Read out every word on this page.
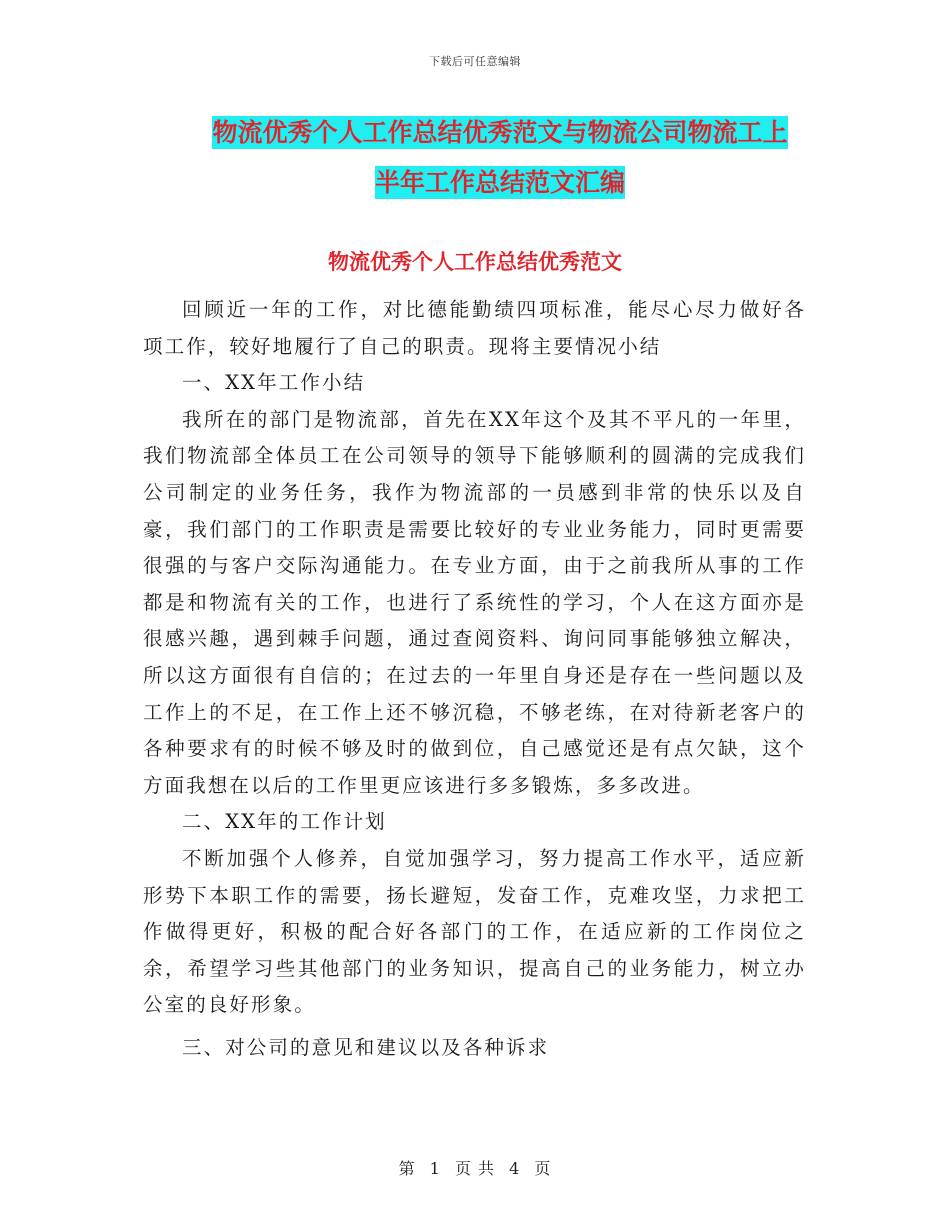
下载后可任意编辑
物流优秀个人工作总结优秀范文与物流公司物流工上
半年工作总结范文汇编
物流优秀个人工作总结优秀范文

回顾近一年的工作，对比德能勤绩四项标准，能尽心尽力做好各项工作，较好地履行了自己的职责。现将主要情况小结

一、XX年工作小结

我所在的部门是物流部，首先在XX年这个及其不平凡的一年里，我们物流部全体员工在公司领导的领导下能够顺利的圆满的完成我们公司制定的业务任务，我作为物流部的一员感到非常的快乐以及自豪，我们部门的工作职责是需要比较好的专业业务能力，同时更需要很强的与客户交际沟通能力。在专业方面，由于之前我所从事的工作都是和物流有关的工作，也进行了系统性的学习，个人在这方面亦是很感兴趣，遇到棘手问题，通过查阅资料、询问同事能够独立解决，所以这方面很有自信的；在过去的一年里自身还是存在一些问题以及工作上的不足，在工作上还不够沉稳，不够老练，在对待新老客户的各种要求有的时候不够及时的做到位，自己感觉还是有点欠缺，这个方面我想在以后的工作里更应该进行多多锻炼，多多改进。

二、XX年的工作计划

不断加强个人修养，自觉加强学习，努力提高工作水平，适应新形势下本职工作的需要，扬长避短，发奋工作，克难攻坚，力求把工作做得更好，积极的配合好各部门的工作，在适应新的工作岗位之余，希望学习些其他部门的业务知识，提高自己的业务能力，树立办公室的良好形象。

三、对公司的意见和建议以及各种诉求

第 1 页 共 4 页
